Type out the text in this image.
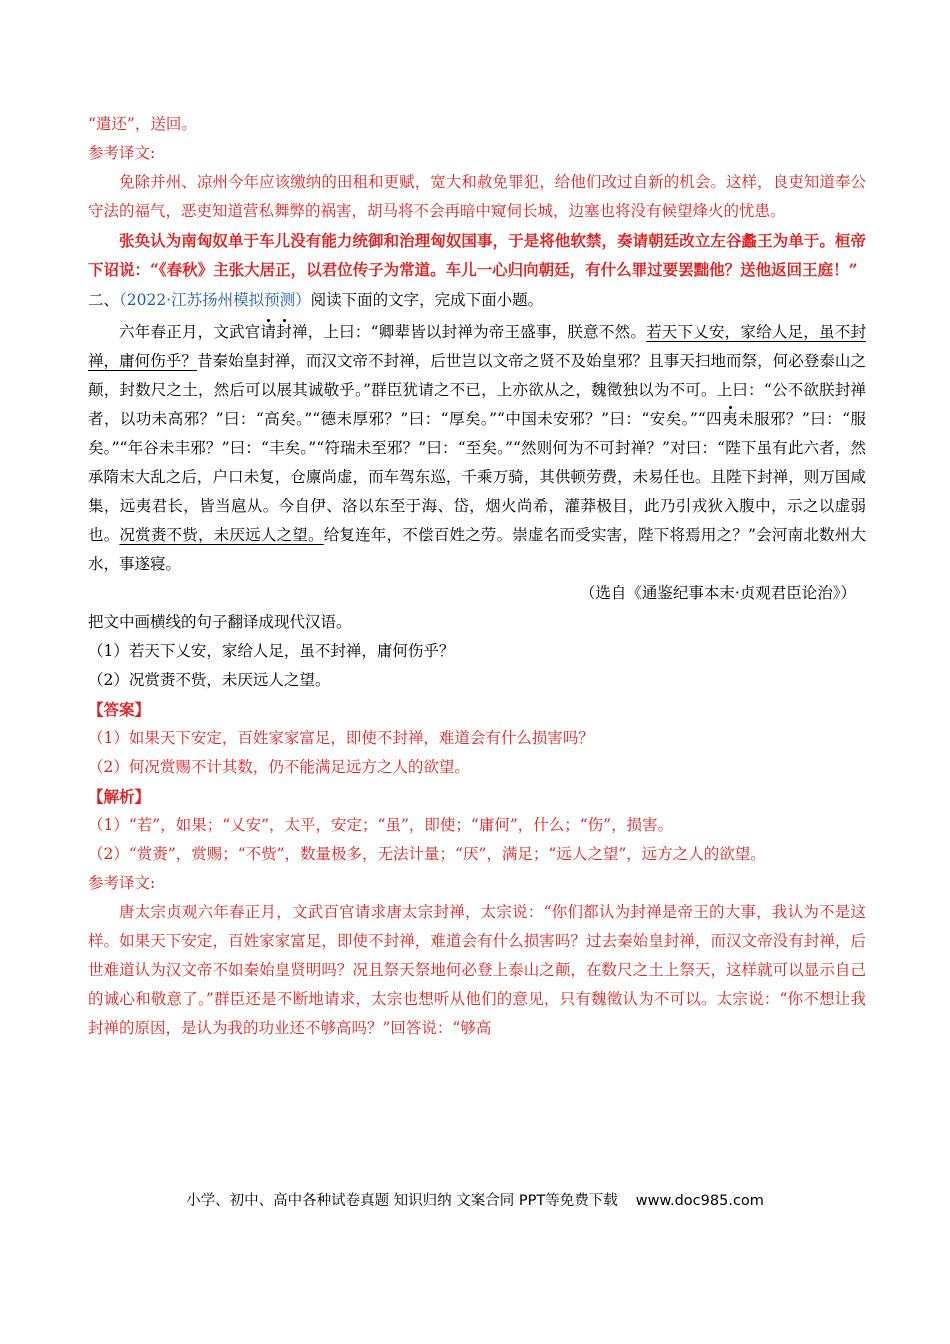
“遣还”，送回。
参考译文:
免除并州、凉州今年应该缴纳的田租和更赋，宽大和赦免罪犯，给他们改过自新的机会。这样，良吏知道奉公守法的福气，恶吏知道营私舞弊的祸害，胡马将不会再暗中窥伺长城，边塞也将没有候望烽火的忧患。
张奂认为南匈奴单于车儿没有能力统御和治理匈奴国事，于是将他软禁，奏请朝廷改立左谷蠡王为单于。桓帝下诏说：“《春秋》主张大居正，以君位传子为常道。车儿一心归向朝廷，有什么罪过要罢黜他？送他返回王庭！”
二、（2022·江苏扬州模拟预测）阅读下面的文字，完成下面小题。
六年春正月，文武官请封禅，上曰：“卿辈皆以封禅为帝王盛事，朕意不然。若天下乂安，家给人足，虽不封禅，庸何伤乎？昔秦始皇封禅，而汉文帝不封禅，后世岂以文帝之贤不及始皇邪？且事天扫地而祭，何必登泰山之颠，封数尺之土，然后可以展其诚敬乎。”群臣犹请之不已，上亦欲从之，魏徵独以为不可。上曰：“公不欲朕封禅者，以功未高邪？”曰：“高矣。”“德未厚邪？”曰：“厚矣。”“中国未安邪？”曰：“安矣。”“四夷未服邪？”曰：“服矣。”“年谷未丰邪？”曰：“丰矣。”“符瑞未至邪？”曰：“至矣。”“然则何为不可封禅？”对曰：“陛下虽有此六者，然承隋末大乱之后，户口未复，仓廪尚虚，而车驾东巡，千乘万骑，其供顿劳费，未易任也。且陛下封禅，则万国咸集，远夷君长，皆当扈从。今自伊、洛以东至于海、岱，烟火尚希，灌莽极目，此乃引戎狄入腹中，示之以虚弱也。况赏赉不赀，未厌远人之望。给复连年，不偿百姓之劳。崇虚名而受实害，陛下将焉用之？”会河南北数州大水，事遂寝。
（选自《通鉴纪事本末·贞观君臣论治》）
把文中画横线的句子翻译成现代汉语。
（1）若天下乂安，家给人足，虽不封禅，庸何伤乎？
（2）况赏赉不赀，未厌远人之望。
【答案】
（1）如果天下安定，百姓家家富足，即使不封禅，难道会有什么损害吗？
（2）何况赏赐不计其数，仍不能满足远方之人的欲望。
【解析】
（1）“若”，如果；“乂安”，太平，安定；“虽”，即使；“庸何”，什么；“伤”，损害。
（2）“赏赉”，赏赐；“不赀”，数量极多，无法计量；“厌”，满足；“远人之望”，远方之人的欲望。
参考译文:
唐太宗贞观六年春正月，文武百官请求唐太宗封禅，太宗说：“你们都认为封禅是帝王的大事，我认为不是这样。如果天下安定，百姓家家富足，即使不封禅，难道会有什么损害吗？过去秦始皇封禅，而汉文帝没有封禅，后世难道认为汉文帝不如秦始皇贤明吗？况且祭天祭地何必登上泰山之颠，在数尺之土上祭天，这样就可以显示自己的诚心和敬意了。”群臣还是不断地请求，太宗也想听从他们的意见，只有魏徵认为不可以。太宗说：“你不想让我封禅的原因，是认为我的功业还不够高吗？”回答说：“够高
小学、初中、高中各种试卷真题 知识归纳 文案合同 PPT等免费下载 www.doc985.com
